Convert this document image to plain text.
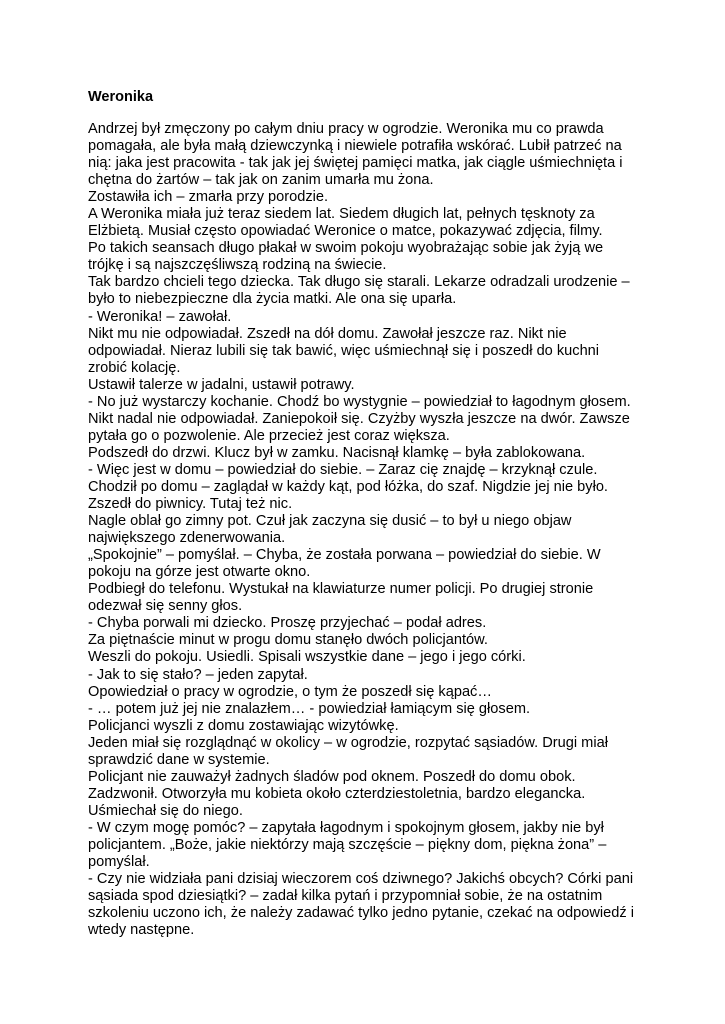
Weronika
Andrzej był zmęczony po całym dniu pracy w ogrodzie. Weronika mu co prawda
pomagała, ale była małą dziewczynką i niewiele potrafiła wskórać. Lubił patrzeć na
nią: jaka jest pracowita - tak jak jej świętej pamięci matka, jak ciągle uśmiechnięta i
chętna do żartów – tak jak on zanim umarła mu żona.
Zostawiła ich – zmarła przy porodzie.
A Weronika miała już teraz siedem lat. Siedem długich lat, pełnych tęsknoty za
Elżbietą. Musiał często opowiadać Weronice o matce, pokazywać zdjęcia, filmy.
Po takich seansach długo płakał w swoim pokoju wyobrażając sobie jak żyją we
trójkę i są najszczęśliwszą rodziną na świecie.
Tak bardzo chcieli tego dziecka. Tak długo się starali. Lekarze odradzali urodzenie –
było to niebezpieczne dla życia matki. Ale ona się uparła.
- Weronika! – zawołał.
Nikt mu nie odpowiadał. Zszedł na dół domu. Zawołał jeszcze raz. Nikt nie
odpowiadał. Nieraz lubili się tak bawić, więc uśmiechnął się i poszedł do kuchni
zrobić kolację.
Ustawił talerze w jadalni, ustawił potrawy.
- No już wystarczy kochanie. Chodź bo wystygnie – powiedział to łagodnym głosem.
Nikt nadal nie odpowiadał. Zaniepokoił się. Czyżby wyszła jeszcze na dwór. Zawsze
pytała go o pozwolenie. Ale przecież jest coraz większa.
Podszedł do drzwi. Klucz był w zamku. Nacisnął klamkę – była zablokowana.
- Więc jest w domu – powiedział do siebie. – Zaraz cię znajdę – krzyknął czule.
Chodził po domu – zaglądał w każdy kąt, pod łóżka, do szaf. Nigdzie jej nie było.
Zszedł do piwnicy. Tutaj też nic.
Nagle oblał go zimny pot. Czuł jak zaczyna się dusić – to był u niego objaw
największego zdenerwowania.
„Spokojnie” – pomyślał. – Chyba, że została porwana – powiedział do siebie. W
pokoju na górze jest otwarte okno.
Podbiegł do telefonu. Wystukał na klawiaturze numer policji. Po drugiej stronie
odezwał się senny głos.
- Chyba porwali mi dziecko. Proszę przyjechać – podał adres.
Za piętnaście minut w progu domu stanęło dwóch policjantów.
Weszli do pokoju. Usiedli. Spisali wszystkie dane – jego i jego córki.
- Jak to się stało? – jeden zapytał.
Opowiedział o pracy w ogrodzie, o tym że poszedł się kąpać…
- … potem już jej nie znalazłem… - powiedział łamiącym się głosem.
Policjanci wyszli z domu zostawiając wizytówkę.
Jeden miał się rozglądnąć w okolicy – w ogrodzie, rozpytać sąsiadów. Drugi miał
sprawdzić dane w systemie.
Policjant nie zauważył żadnych śladów pod oknem. Poszedł do domu obok.
Zadzwonił. Otworzyła mu kobieta około czterdziestoletnia, bardzo elegancka.
Uśmiechał się do niego.
- W czym mogę pomóc? – zapytała łagodnym i spokojnym głosem, jakby nie był
policjantem. „Boże, jakie niektórzy mają szczęście – piękny dom, piękna żona” –
pomyślał.
- Czy nie widziała pani dzisiaj wieczorem coś dziwnego? Jakichś obcych? Córki pani
sąsiada spod dziesiątki? – zadał kilka pytań i przypomniał sobie, że na ostatnim
szkoleniu uczono ich, że należy zadawać tylko jedno pytanie, czekać na odpowiedź i
wtedy następne.
